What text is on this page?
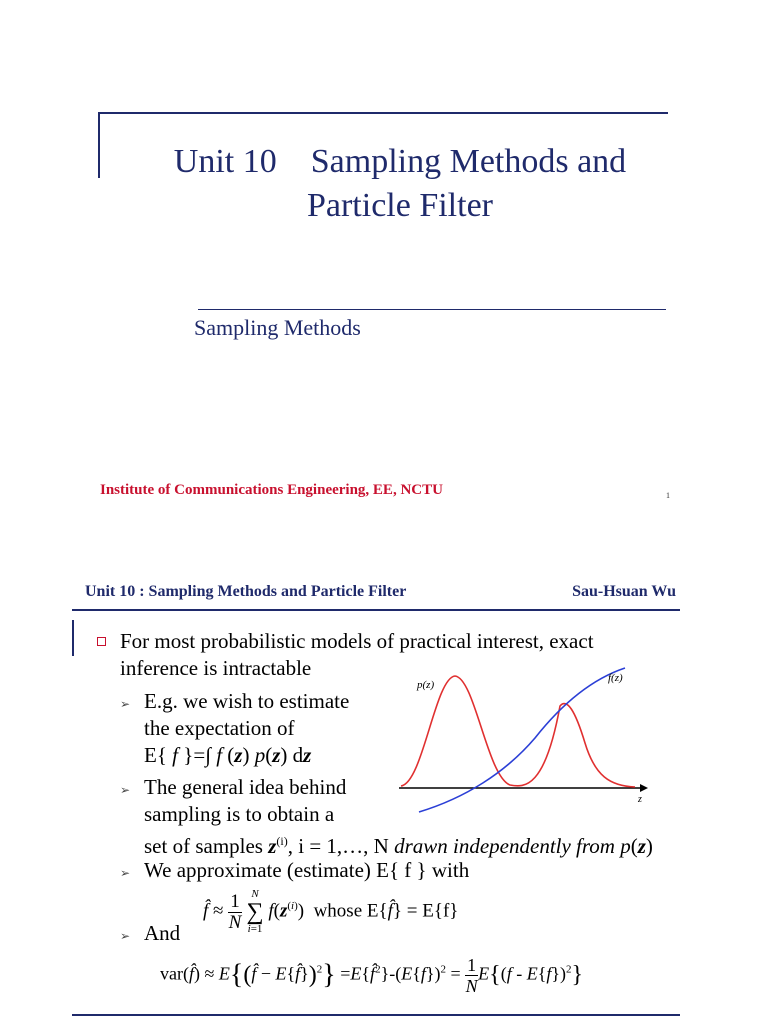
Unit 10    Sampling Methods and
Particle Filter
Sampling Methods
Institute of Communications Engineering, EE, NCTU	1
Unit 10 : Sampling Methods and Particle Filter	Sau-Hsuan Wu
For most probabilistic models of practical interest, exact
inference is intractable
➢ E.g. we wish to estimate
the expectation of
E{ f }=∫ f (z) p(z) dz
➢ The general idea behind
sampling is to obtain a
set of samples $z^{(i)}$, i = 1,…, N drawn independently from p(z)
p(z)
f(z)
z
➢ We approximate (estimate) E{ f } with
f̂ ≈ $\frac{1}{N}$
N
∑
i=1
$f(z^{(i)})$  whose E{f̂} = E{f}
➢ And
var(f̂) ≈ E{(f̂ − E{f̂})$^2$} $=E\{f̂^2\}-(E\{f\})^2 = \frac{1}{N} E\{(f - E\{f\})^2\}$
